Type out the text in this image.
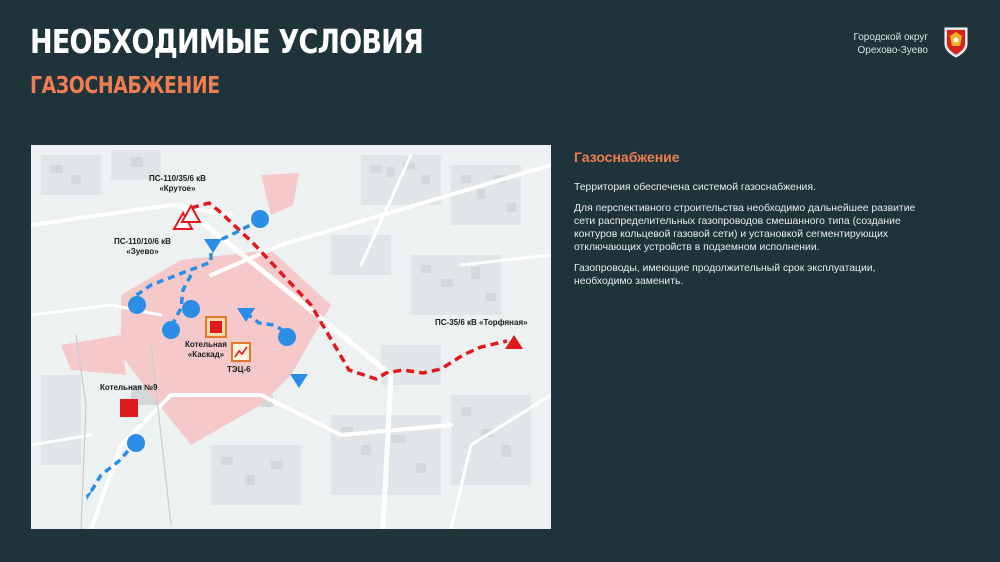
НЕОБХОДИМЫЕ УСЛОВИЯ
ГАЗОСНАБЖЕНИЕ
Городской округ
Орехово-Зуево
ПС-110/35/6 кВ
«Крутое»
ПС-110/10/6 кВ
«Зуево»
ПС-35/6 кВ «Торфяная»
Котельная
«Каскад»
ТЭЦ-6
Котельная №9
Газоснабжение

Территория обеспечена системой газоснабжения.

Для перспективного строительства необходимо дальнейшее развитие сети распределительных газопроводов смешанного типа (создание контуров кольцевой газовой сети) и установкой сегментирующих отключающих устройств в подземном исполнении.

Газопроводы, имеющие продолжительный срок эксплуатации, необходимо заменить.
